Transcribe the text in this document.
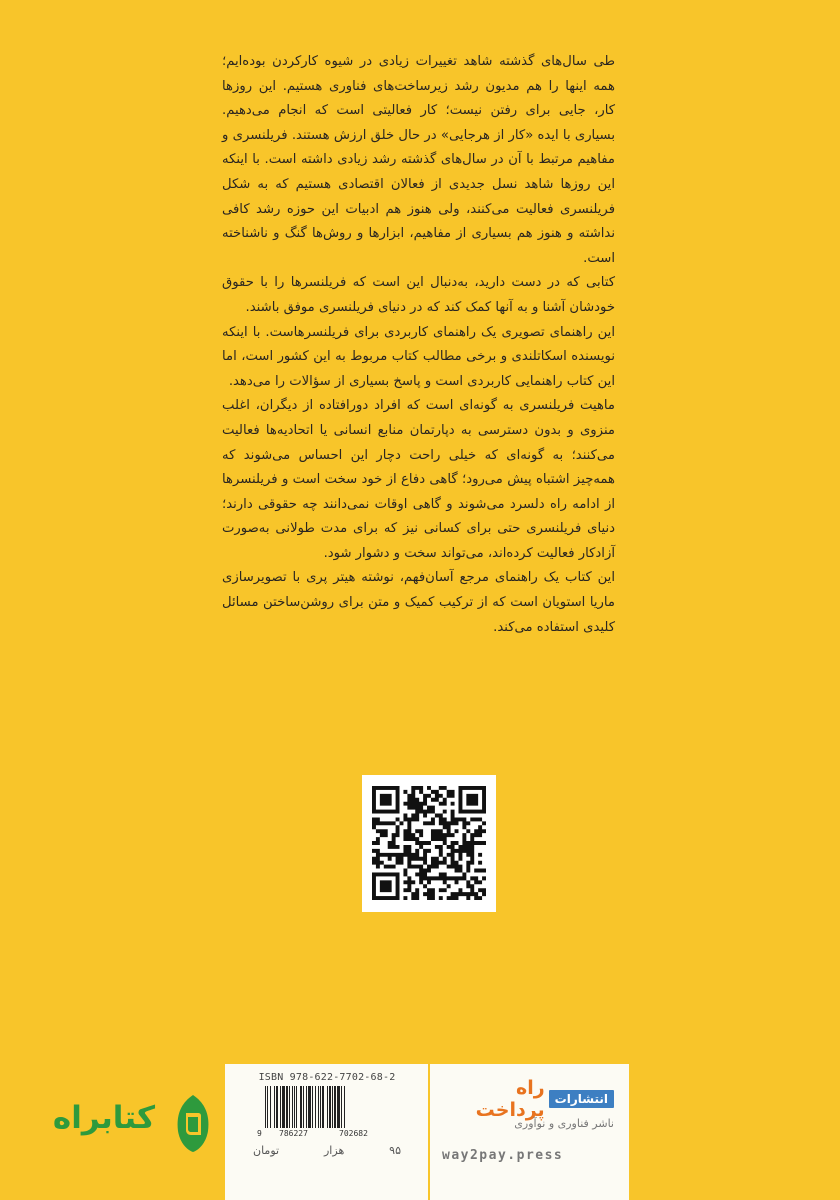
طی سال‌های گذشته شاهد تغییرات زیادی در شیوه کارکردن بوده‌ایم؛ همه اینها را هم مدیون رشد زیرساخت‌های فناوری هستیم. این روزها کار، جایی برای رفتن نیست؛ کار فعالیتی است که انجام می‌دهیم. بسیاری با ایده «کار از هرجایی» در حال خلق ارزش هستند. فریلنسری و مفاهیم مرتبط با آن در سال‌های گذشته رشد زیادی داشته است. با اینکه این روزها شاهد نسل جدیدی از فعالان اقتصادی هستیم که به شکل فریلنسری فعالیت می‌کنند، ولی هنوز هم ادبیات این حوزه رشد کافی نداشته و هنوز هم بسیاری از مفاهیم، ابزارها و روش‌ها گنگ و ناشناخته است.

کتابی که در دست دارید، به‌دنبال این است که فریلنسرها را با حقوق خودشان آشنا و به آنها کمک کند که در دنیای فریلنسری موفق باشند.

این راهنمای تصویری یک راهنمای کاربردی برای فریلنسرهاست. با اینکه نویسنده اسکاتلندی و برخی مطالب کتاب مربوط به این کشور است، اما این کتاب راهنمایی کاربردی است و پاسخ بسیاری از سؤالات را می‌دهد.

ماهیت فریلنسری به گونه‌ای است که افراد دورافتاده از دیگران، اغلب منزوی و بدون دسترسی به دپارتمان منابع انسانی یا اتحادیه‌ها فعالیت می‌کنند؛ به گونه‌ای که خیلی راحت دچار این احساس می‌شوند که همه‌چیز اشتباه پیش می‌رود؛ گاهی دفاع از خود سخت است و فریلنسرها از ادامه راه دلسرد می‌شوند و گاهی اوقات نمی‌دانند چه حقوقی دارند؛ دنیای فریلنسری حتی برای کسانی نیز که برای مدت طولانی به‌صورت آزادکار فعالیت کرده‌اند، می‌تواند سخت و دشوار شود.

این کتاب یک راهنمای مرجع آسان‌فهم، نوشته هیتر پری با تصویرسازی ماریا استویان است که از ترکیب کمیک و متن برای روشن‌ساختن مسائل کلیدی استفاده می‌کند.

ISBN 978-622-7702-68-2
9 786227	702682
۹۵
هزار
تومان
انتشارات
راه پرداخت
ناشر فناوری و نوآوری
way2pay.press
کتابراه
